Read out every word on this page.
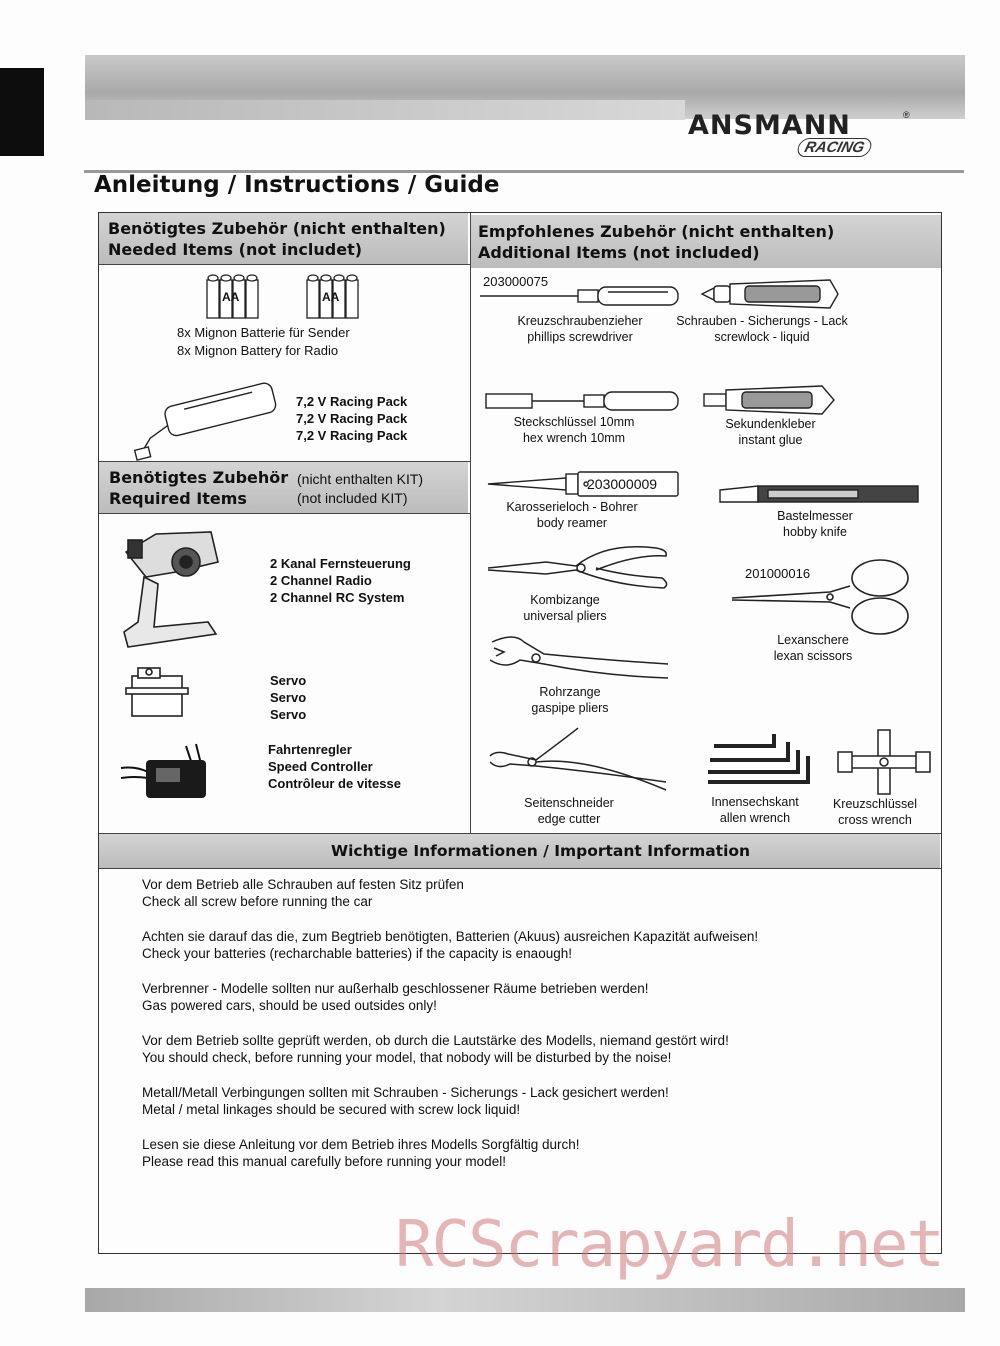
ANSMANN	®
RACING
Anleitung / Instructions / Guide
Benötigtes Zubehör (nicht enthalten)
Needed Items (not includet)
AA	AA
8x Mignon Batterie für Sender
8x Mignon Battery for Radio
7,2 V Racing Pack
7,2 V Racing Pack
7,2 V Racing Pack
Benötigtes Zubehör
Required Items
(nicht enthalten KIT)
(not included KIT)
2 Kanal Fernsteuerung
2 Channel Radio
2 Channel RC System
Servo
Servo
Servo
Fahrtenregler
Speed Controller
Contrôleur de vitesse
Empfohlenes Zubehör (nicht enthalten)
Additional Items (not included)
203000075
Kreuzschraubenzieher
phillips screwdriver
Schrauben - Sicherungs - Lack
screwlock - liquid
Steckschlüssel 10mm
hex wrench 10mm
Sekundenkleber
instant glue
203000009
Karosserieloch - Bohrer
body reamer	Bastelmesser
hobby knife
Kombizange
universal pliers
201000016
Lexanschere
lexan scissors
Rohrzange
gaspipe pliers
Seitenschneider
edge cutter
Innensechskant
allen wrench
Kreuzschlüssel
cross wrench
Wichtige Informationen / Important Information
Vor dem Betrieb alle Schrauben auf festen Sitz prüfen
Check all screw before running the car
Achten sie darauf das die, zum Begtrieb benötigten, Batterien (Akuus) ausreichen Kapazität aufweisen!
Check your batteries (recharchable batteries) if the capacity is enaough!
Verbrenner - Modelle sollten nur außerhalb geschlossener Räume betrieben werden!
Gas powered cars, should be used outsides only!
Vor dem Betrieb sollte geprüft werden, ob durch die Lautstärke des Modells, niemand gestört wird!
You should check, before running your model, that nobody will be disturbed by the noise!
Metall/Metall Verbingungen sollten mit Schrauben - Sicherungs - Lack gesichert werden!
Metal / metal linkages should be secured with screw lock liquid!
Lesen sie diese Anleitung vor dem Betrieb ihres Modells Sorgfältig durch!
Please read this manual carefully before running your model!
RCScrapyard.net
